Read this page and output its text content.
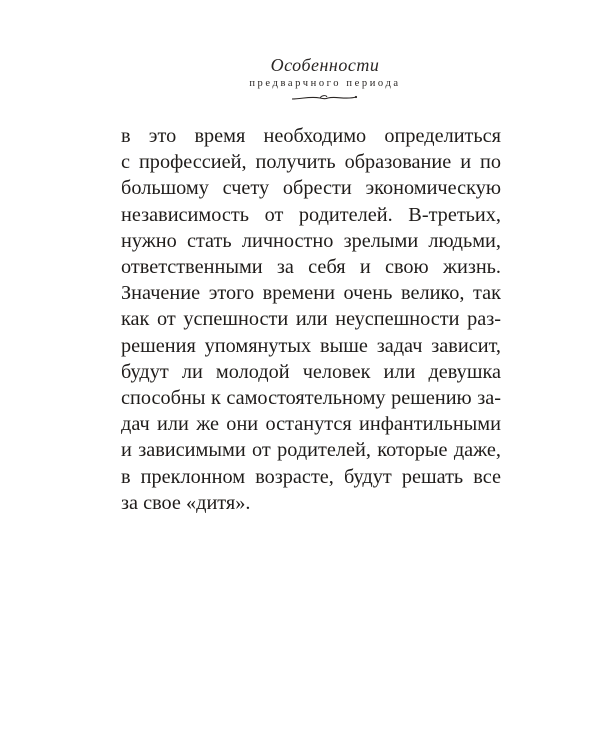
Особенности
предварчного периода
в это время необходимо определиться
с профессией, получить образование и по
большому счету обрести экономическую
независимость от родителей. В-третьих,
нужно стать личностно зрелыми людьми,
ответственными за себя и свою жизнь.
Значение этого времени очень велико, так
как от успешности или неуспешности раз-
решения упомянутых выше задач зависит,
будут ли молодой человек или девушка
способны к самостоятельному решению за-
дач или же они останутся инфантильными
и зависимыми от родителей, которые даже,
в преклонном возрасте, будут решать все
за свое «дитя».
